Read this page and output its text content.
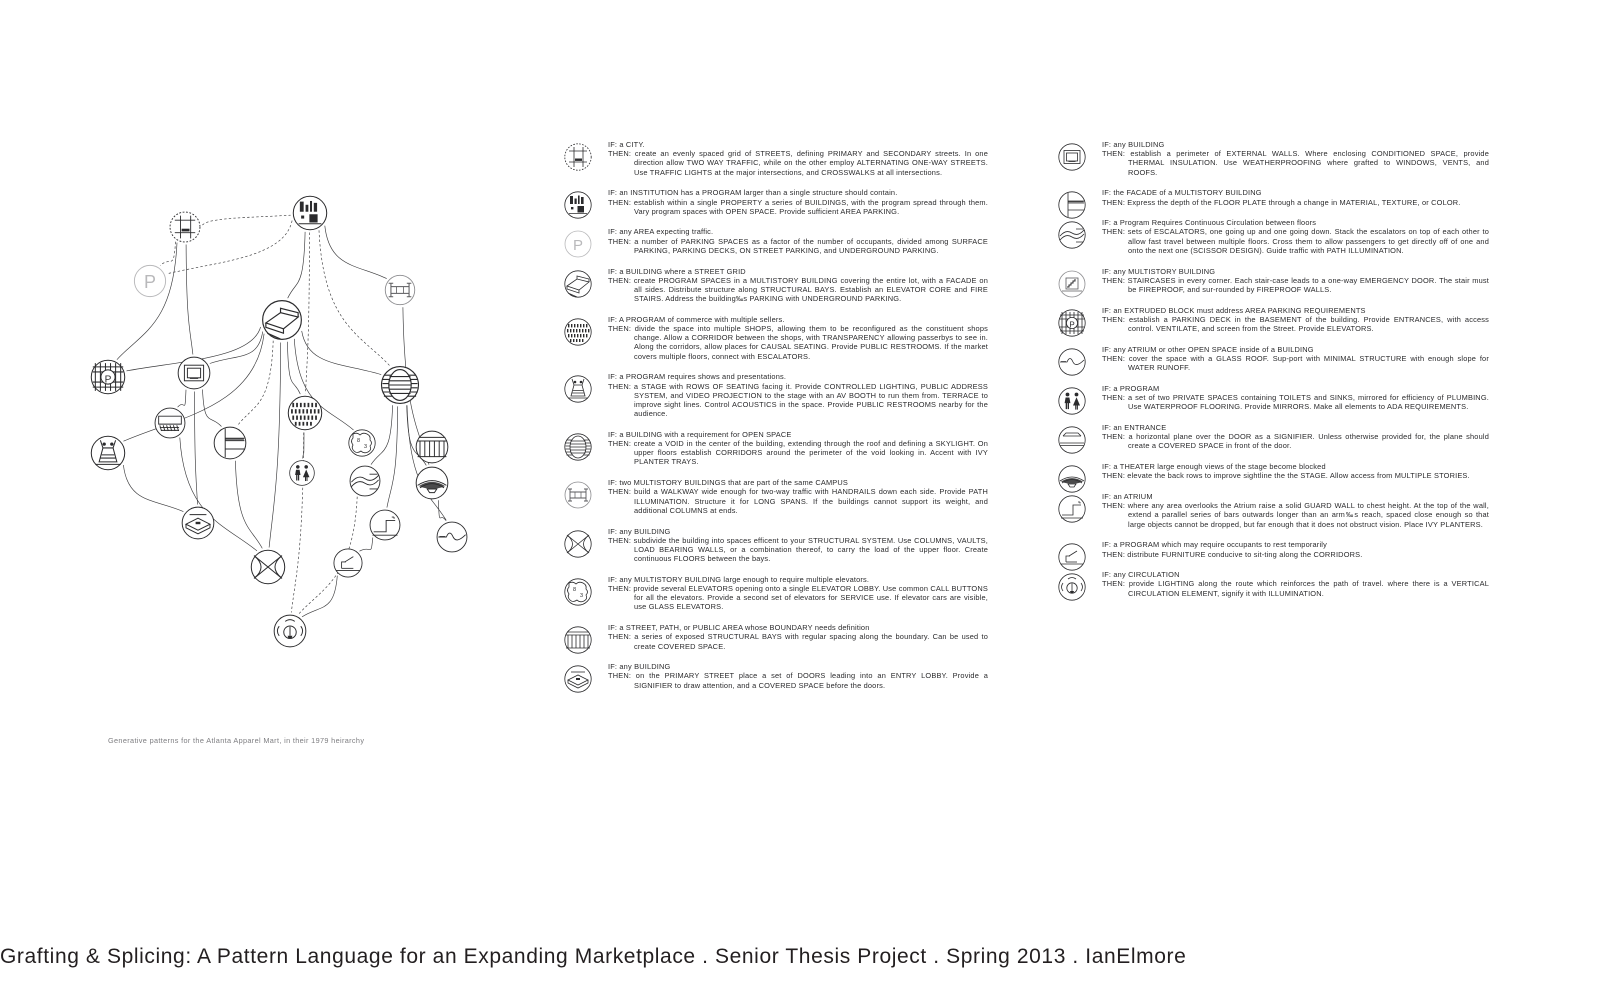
P
P
8
3
Generative patterns for the Atlanta Apparel Mart, in their 1979 heirarchy
IF: a CITY.
THEN: create an evenly spaced grid of STREETS, defining PRIMARY and SECONDARY streets. In one direction allow TWO WAY TRAFFIC, while on the other employ ALTERNATING ONE-WAY STREETS. Use TRAFFIC LIGHTS at the major intersections, and CROSSWALKS at all intersections.
IF: an INSTITUTION has a PROGRAM larger than a single structure should contain.
THEN: establish within a single PROPERTY a series of BUILDINGS, with the program spread through them. Vary program spaces with OPEN SPACE. Provide sufficient AREA PARKING.
P
IF: any AREA expecting traffic.
THEN: a number of PARKING SPACES as a factor of the number of occupants, divided among SURFACE PARKING, PARKING DECKS, ON STREET PARKING, and UNDERGROUND PARKING.
IF: a BUILDING where a STREET GRID
THEN: create PROGRAM SPACES in a MULTISTORY BUILDING covering the entire lot, with a FACADE on all sides. Distribute structure along STRUCTURAL BAYS. Establish an ELEVATOR CORE and FIRE STAIRS. Address the building‰s PARKING with UNDERGROUND PARKING.
IF: A PROGRAM of commerce with multiple sellers.
THEN: divide the space into multiple SHOPS, allowing them to be reconfigured as the constituent shops change. Allow a CORRIDOR between the shops, with TRANSPARENCY allowing passerbys to see in. Along the corridors, allow places for CAUSAL SEATING. Provide PUBLIC RESTROOMS. If the market covers multiple floors, connect with ESCALATORS.
IF: a PROGRAM requires shows and presentations.
THEN: a STAGE with ROWS OF SEATING facing it. Provide CONTROLLED LIGHTING, PUBLIC ADDRESS SYSTEM, and VIDEO PROJECTION to the stage with an AV BOOTH to run them from. TERRACE to improve sight lines. Control ACOUSTICS in the space. Provide PUBLIC RESTROOMS nearby for the audience.
IF: a BUILDING with a requirement for OPEN SPACE
THEN: create a VOID in the center of the building, extending through the roof and defining a SKYLIGHT. On upper floors establish CORRIDORS around the perimeter of the void looking in. Accent with IVY PLANTER TRAYS.
IF: two MULTISTORY BUILDINGS that are part of the same CAMPUS
THEN: build a WALKWAY wide enough for two-way traffic with HANDRAILS down each side. Provide PATH ILLUMINATION. Structure it for LONG SPANS. If the buildings cannot support its weight, and additional COLUMNS at ends.
IF: any BUILDING
THEN: subdivide the building into spaces efficent to your STRUCTURAL SYSTEM. Use COLUMNS, VAULTS, LOAD BEARING WALLS, or a combination thereof, to carry the load of the upper floor. Create continuous FLOORS between the bays.
8
3
IF: any MULTISTORY BUILDING large enough to require multiple elevators.
THEN: provide several ELEVATORS opening onto a single ELEVATOR LOBBY. Use common CALL BUTTONS for all the elevators. Provide a second set of elevators for SERVICE use. If elevator cars are visible, use GLASS ELEVATORS.
IF: a STREET, PATH, or PUBLIC AREA whose BOUNDARY needs definition
THEN: a series of exposed STRUCTURAL BAYS with regular spacing along the boundary. Can be used to create COVERED SPACE.
IF: any BUILDING
THEN: on the PRIMARY STREET place a set of DOORS leading into an ENTRY LOBBY. Provide a SIGNIFIER to draw attention, and a COVERED SPACE before the doors.
IF: any BUILDING
THEN: establish a perimeter of EXTERNAL WALLS. Where enclosing CONDITIONED SPACE, provide THERMAL INSULATION. Use WEATHERPROOFING where grafted to WINDOWS, VENTS, and ROOFS.
IF: the FACADE of a MULTISTORY BUILDING
THEN: Express the depth of the FLOOR PLATE through a change in MATERIAL, TEXTURE, or COLOR.
IF: a Program Requires Continuous Circulation between floors
THEN: sets of ESCALATORS, one going up and one going down. Stack the escalators on top of each other to allow fast travel between multiple floors. Cross them to allow passengers to get directly off of one and onto the next one (SCISSOR DESIGN). Guide traffic with PATH ILLUMINATION.
IF: any MULTISTORY BUILDING
THEN: STAIRCASES in every corner. Each stair-case leads to a one-way EMERGENCY DOOR. The stair must be FIREPROOF, and sur-rounded by FIREPROOF WALLS.
P
IF: an EXTRUDED BLOCK must address AREA PARKING REQUIREMENTS
THEN: establish a PARKING DECK in the BASEMENT of the building. Provide ENTRANCES, with access control. VENTILATE, and screen from the Street. Provide ELEVATORS.
IF: any ATRIUM or other OPEN SPACE inside of a BUILDING
THEN: cover the space with a GLASS ROOF. Sup-port with MINIMAL STRUCTURE with enough slope for WATER RUNOFF.
IF: a PROGRAM
THEN: a set of two PRIVATE SPACES containing TOILETS and SINKS, mirrored for efficiency of PLUMBING. Use WATERPROOF FLOORING. Provide MIRRORS. Make all elements to ADA REQUIREMENTS.
IF: an ENTRANCE
THEN: a horizontal plane over the DOOR as a SIGNIFIER. Unless otherwise provided for, the plane should create a COVERED SPACE in front of the door.
IF: a THEATER large enough views of the stage become blocked
THEN: elevate the back rows to improve sightline the the STAGE. Allow access from MULTIPLE STORIES.
IF: an ATRIUM
THEN: where any area overlooks the Atrium raise a solid GUARD WALL to chest height. At the top of the wall, extend a parallel series of bars outwards longer than an arm‰s reach, spaced close enough so that large objects cannot be dropped, but far enough that it does not obstruct vision. Place IVY PLANTERS.
IF: a PROGRAM which may require occupants to rest temporarily
THEN: distribute FURNITURE conducive to sit-ting along the CORRIDORS.
IF: any CIRCULATION
THEN: provide LIGHTING along the route which reinforces the path of travel. where there is a VERTICAL CIRCULATION ELEMENT, signify it with ILLUMINATION.
Grafting & Splicing: A Pattern Language for an Expanding Marketplace . Senior Thesis Project . Spring 2013 . IanElmore
